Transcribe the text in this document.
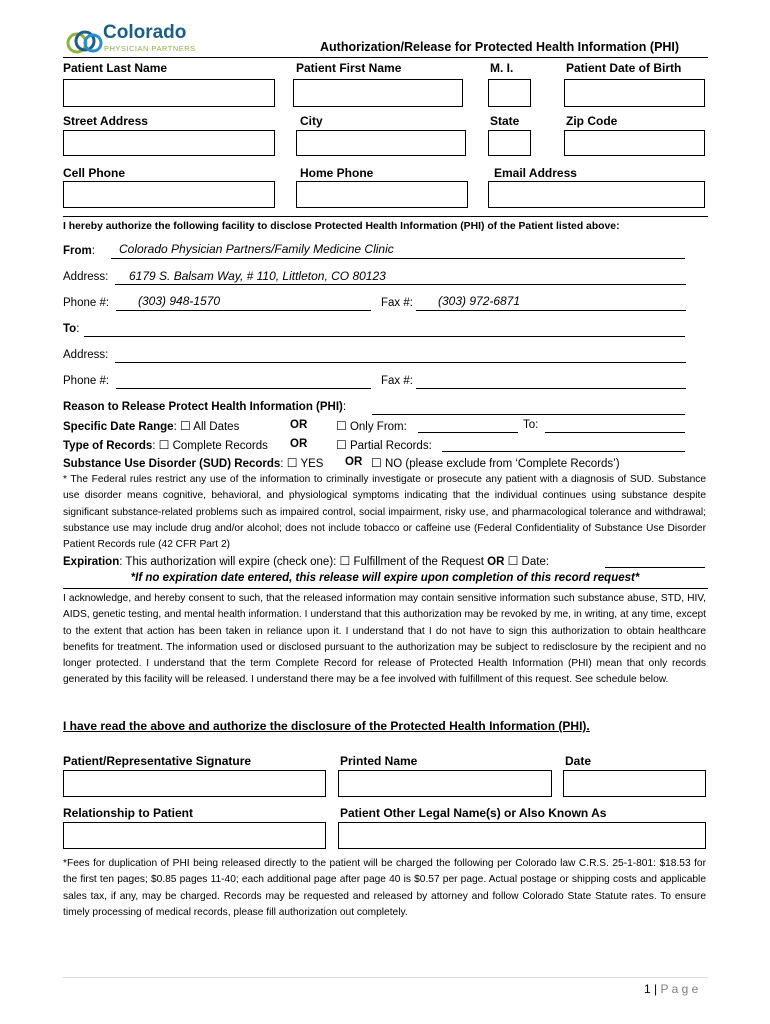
Colorado
PHYSICIAN PARTNERS	Authorization/Release for Protected Health Information (PHI)
Patient Last Name	Patient First Name	M. I.	Patient Date of Birth
Street Address	City	State	Zip Code
Cell Phone	Home Phone	Email Address
I hereby authorize the following facility to disclose Protected Health Information (PHI) of the Patient listed above:
From: Colorado Physician Partners/Family Medicine Clinic
Address: 6179 S. Balsam Way, # 110, Littleton, CO 80123
Phone #: (303) 948-1570	Fax #: (303) 972-6871
To:
Address:
Phone #:	Fax #:
Reason to Release Protect Health Information (PHI):
Specific Date Range: ☐ All Dates	OR ☐ Only From:	To:
Type of Records: ☐ Complete Records OR ☐ Partial Records:
Substance Use Disorder (SUD) Records: ☐ YES OR ☐ NO (please exclude from ‘Complete Records’)
* The Federal rules restrict any use of the information to criminally investigate or prosecute any patient with a diagnosis of SUD. Substance use disorder means cognitive, behavioral, and physiological symptoms indicating that the individual continues using substance despite significant substance-related problems such as impaired control, social impairment, risky use, and pharmacological tolerance and withdrawal; substance use may include drug and/or alcohol; does not include tobacco or caffeine use (Federal Confidentiality of Substance Use Disorder Patient Records rule (42 CFR Part 2)
Expiration: This authorization will expire (check one): ☐ Fulfillment of the Request OR ☐ Date:
*If no expiration date entered, this release will expire upon completion of this record request*
I acknowledge, and hereby consent to such, that the released information may contain sensitive information such substance abuse, STD, HIV, AIDS, genetic testing, and mental health information. I understand that this authorization may be revoked by me, in writing, at any time, except to the extent that action has been taken in reliance upon it. I understand that I do not have to sign this authorization to obtain healthcare benefits for treatment. The information used or disclosed pursuant to the authorization may be subject to redisclosure by the recipient and no longer protected. I understand that the term Complete Record for release of Protected Health Information (PHI) mean that only records generated by this facility will be released. I understand there may be a fee involved with fulfillment of this request. See schedule below.
I have read the above and authorize the disclosure of the Protected Health Information (PHI).
Patient/Representative Signature	Printed Name	Date
Relationship to Patient	Patient Other Legal Name(s) or Also Known As
*Fees for duplication of PHI being released directly to the patient will be charged the following per Colorado law C.R.S. 25-1-801: $18.53 for the first ten pages; $0.85 pages 11-40; each additional page after page 40 is $0.57 per page. Actual postage or shipping costs and applicable sales tax, if any, may be charged. Records may be requested and released by attorney and follow Colorado State Statute rates. To ensure timely processing of medical records, please fill authorization out completely.
1 | P a g e
